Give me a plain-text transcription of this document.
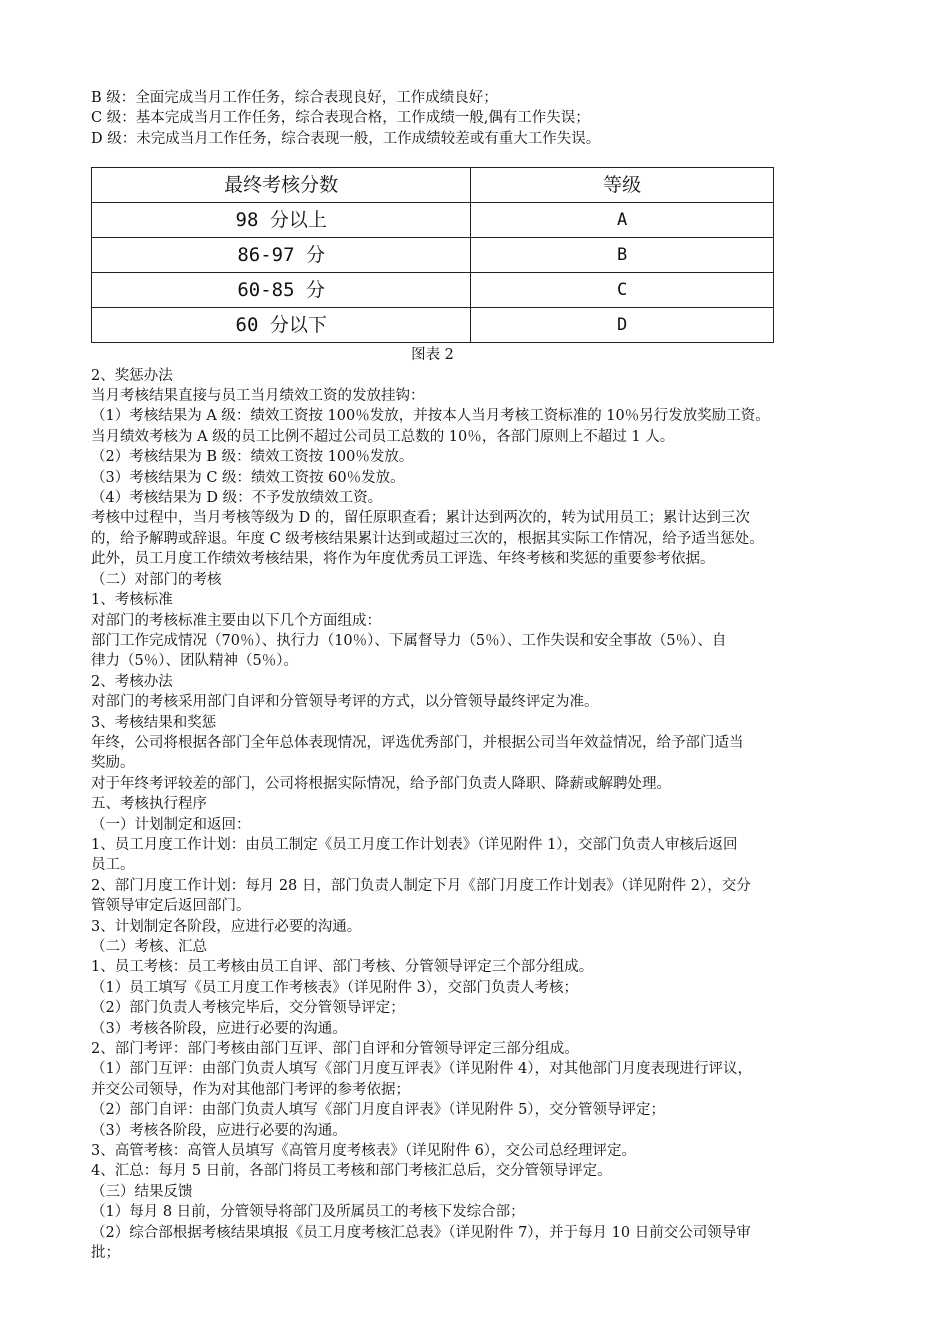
B 级：全面完成当月工作任务，综合表现良好，工作成绩良好；
C 级：基本完成当月工作任务，综合表现合格，工作成绩一般,偶有工作失误；
D 级：未完成当月工作任务，综合表现一般，工作成绩较差或有重大工作失误。
最终考核分数	等级
98 分以上	A
86-97 分	B
60-85 分	C
60 分以下	D
图表 2
2、奖惩办法
当月考核结果直接与员工当月绩效工资的发放挂钩：
（1）考核结果为 A 级：绩效工资按 100％发放，并按本人当月考核工资标准的 10％另行发放奖励工资。
当月绩效考核为 A 级的员工比例不超过公司员工总数的 10％，各部门原则上不超过 1 人。
（2）考核结果为 B 级：绩效工资按 100％发放。
（3）考核结果为 C 级：绩效工资按 60％发放。
（4）考核结果为 D 级：不予发放绩效工资。
考核中过程中，当月考核等级为 D 的，留任原职查看；累计达到两次的，转为试用员工；累计达到三次
的，给予解聘或辞退。年度 C 级考核结果累计达到或超过三次的，根据其实际工作情况，给予适当惩处。
此外，员工月度工作绩效考核结果，将作为年度优秀员工评选、年终考核和奖惩的重要参考依据。
（二）对部门的考核
1、考核标准
对部门的考核标准主要由以下几个方面组成：
部门工作完成情况（70％）、执行力（10％）、下属督导力（5％）、工作失误和安全事故（5％）、自
律力（5％）、团队精神（5％）。
2、考核办法
对部门的考核采用部门自评和分管领导考评的方式，以分管领导最终评定为准。
3、考核结果和奖惩
年终，公司将根据各部门全年总体表现情况，评选优秀部门，并根据公司当年效益情况，给予部门适当
奖励。
对于年终考评较差的部门，公司将根据实际情况，给予部门负责人降职、降薪或解聘处理。
五、考核执行程序
（一）计划制定和返回：
1、员工月度工作计划：由员工制定《员工月度工作计划表》（详见附件 1），交部门负责人审核后返回
员工。
2、部门月度工作计划：每月 28 日，部门负责人制定下月《部门月度工作计划表》（详见附件 2），交分
管领导审定后返回部门。
3、计划制定各阶段，应进行必要的沟通。
（二）考核、汇总
1、员工考核：员工考核由员工自评、部门考核、分管领导评定三个部分组成。
（1）员工填写《员工月度工作考核表》（详见附件 3），交部门负责人考核；
（2）部门负责人考核完毕后，交分管领导评定；
（3）考核各阶段，应进行必要的沟通。
2、部门考评：部门考核由部门互评、部门自评和分管领导评定三部分组成。
（1）部门互评：由部门负责人填写《部门月度互评表》（详见附件 4），对其他部门月度表现进行评议，
并交公司领导，作为对其他部门考评的参考依据；
（2）部门自评：由部门负责人填写《部门月度自评表》（详见附件 5），交分管领导评定；
（3）考核各阶段，应进行必要的沟通。
3、高管考核：高管人员填写《高管月度考核表》（详见附件 6），交公司总经理评定。
4、汇总：每月 5 日前，各部门将员工考核和部门考核汇总后，交分管领导评定。
（三）结果反馈
（1）每月 8 日前，分管领导将部门及所属员工的考核下发综合部；
（2）综合部根据考核结果填报《员工月度考核汇总表》（详见附件 7），并于每月 10 日前交公司领导审
批；
